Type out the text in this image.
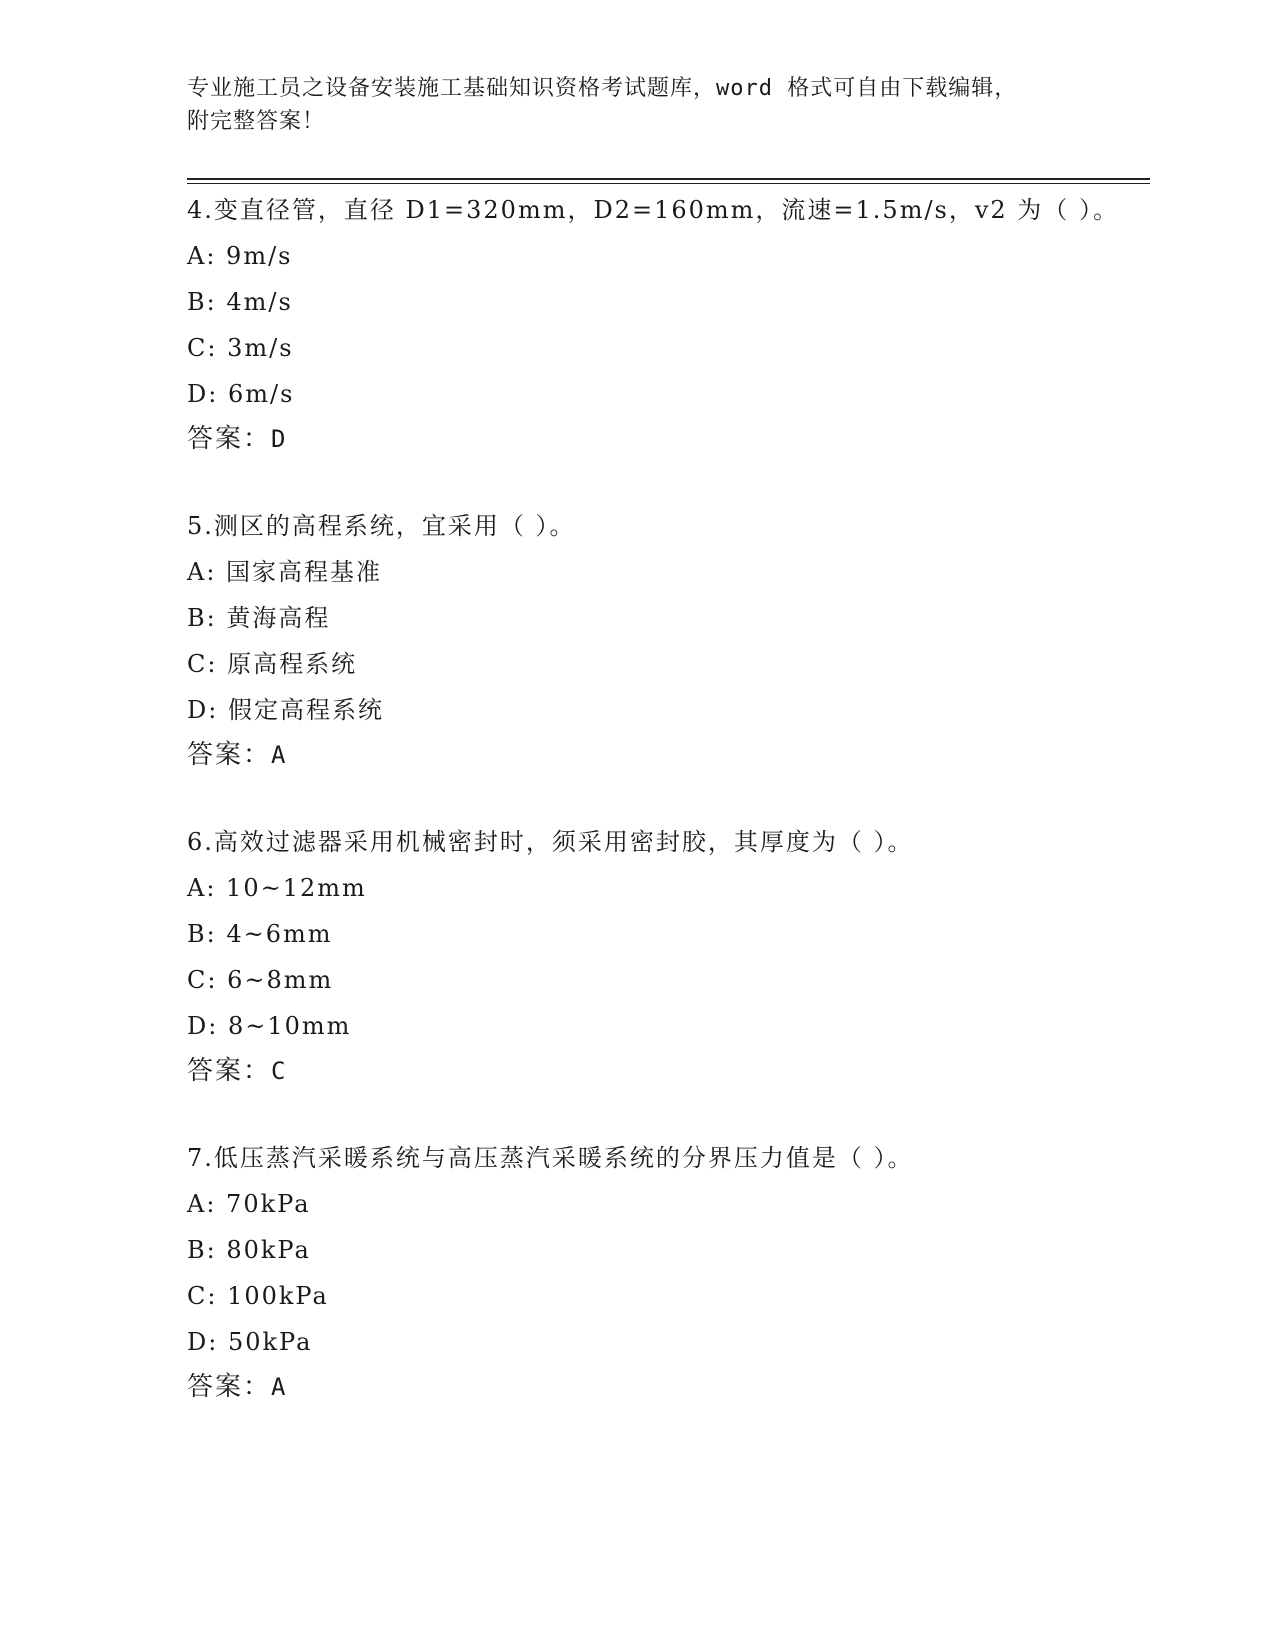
专业施工员之设备安装施工基础知识资格考试题库，word 格式可自由下载编辑，
附完整答案！
4.变直径管，直径 D1=320mm，D2=160mm，流速=1.5m/s，v2 为（ ）。
A: 9m/s
B: 4m/s
C: 3m/s
D: 6m/s
答案：D
5.测区的高程系统，宜采用（ ）。
A: 国家高程基准
B: 黄海高程
C: 原高程系统
D: 假定高程系统
答案：A
6.高效过滤器采用机械密封时，须采用密封胶，其厚度为（ ）。
A: 10~12mm
B: 4~6mm
C: 6~8mm
D: 8~10mm
答案：C
7.低压蒸汽采暖系统与高压蒸汽采暖系统的分界压力值是（ ）。
A: 70kPa
B: 80kPa
C: 100kPa
D: 50kPa
答案：A
